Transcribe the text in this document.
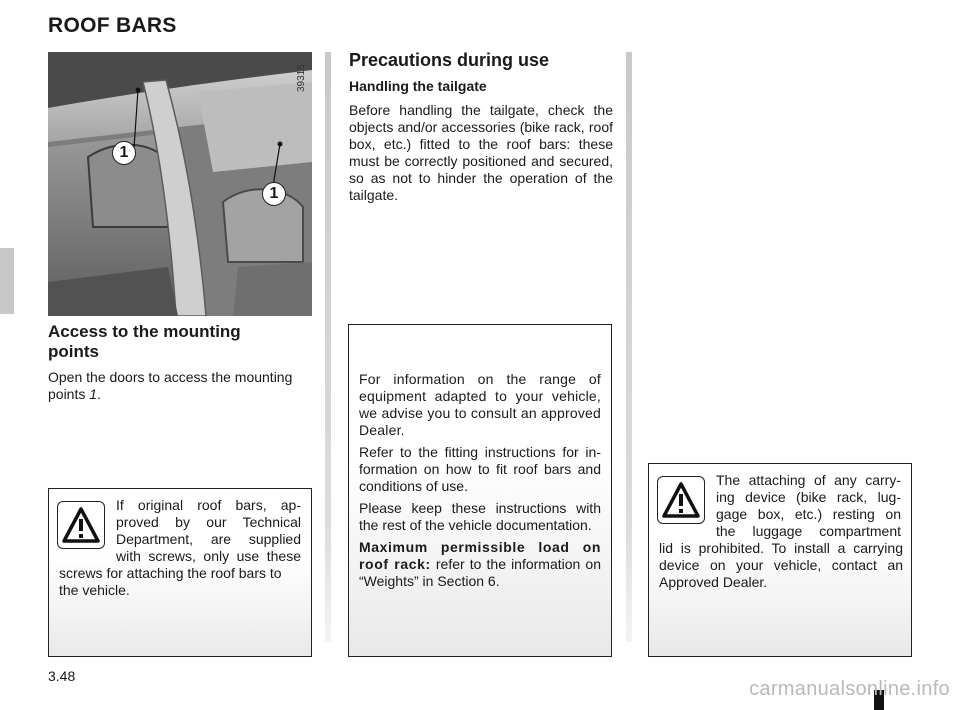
ROOF BARS
1
1
39315
Access to the mounting
points
Open the doors to access the mounting points 1.
If original roof bars, ap-
proved by our Technical
Department, are supplied
with screws, only use these
screws for attaching the roof bars to the vehicle.
Precautions during use
Handling the tailgate
Before handling the tailgate, check the objects and/or accessories (bike rack, roof box, etc.) fitted to the roof bars: these must be correctly positioned and secured, so as not to hinder the operation of the tailgate.
For information on the range of equipment adapted to your vehicle, we advise you to consult an approved Dealer.
Refer to the fitting instructions for information on how to fit roof bars and conditions of use.
Please keep these instructions with the rest of the vehicle documentation.
Maximum permissible load on roof rack: refer to the information on “Weights” in Section 6.
The attaching of any carry-
ing device (bike rack, lug-
gage box, etc.) resting on
the luggage compartment
lid is prohibited. To install a carrying device on your vehicle, contact an Approved Dealer.
3.48
carmanualsonline.info
